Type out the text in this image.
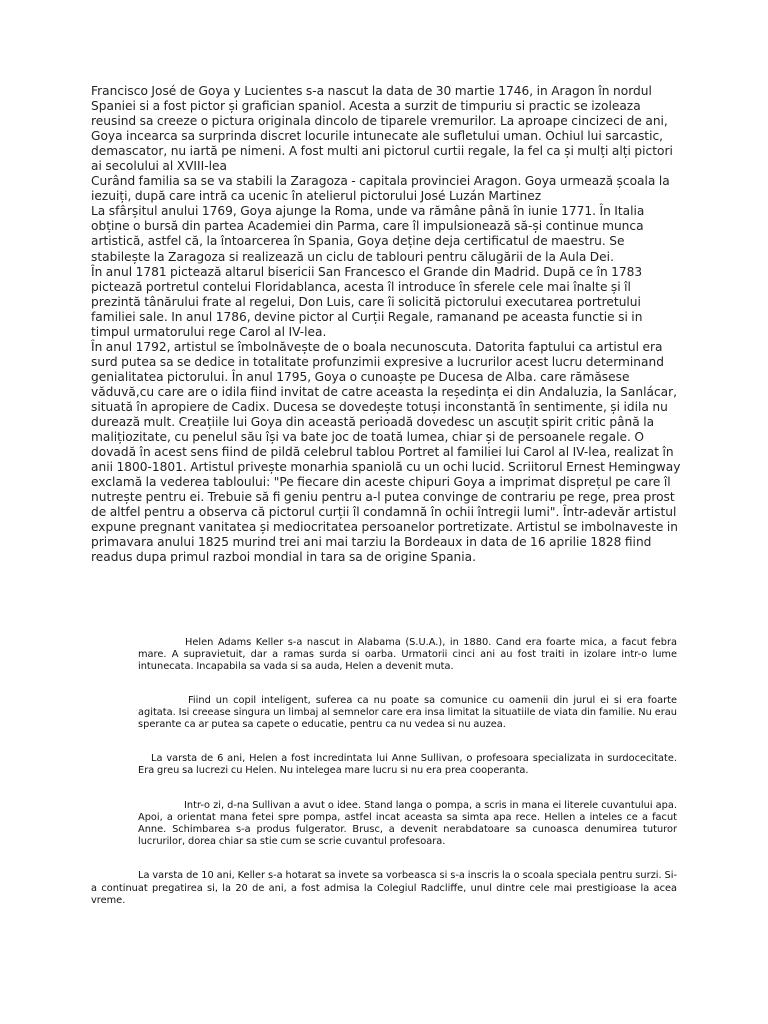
Francisco José de Goya y Lucientes s-a nascut la data de 30 martie 1746, in Aragon în nordul Spaniei si a fost pictor și grafician spaniol. Acesta a surzit de timpuriu si practic se izoleaza reusind sa creeze o pictura originala dincolo de tiparele vremurilor. La aproape cincizeci de ani, Goya incearca sa surprinda discret locurile intunecate ale sufletului uman. Ochiul lui sarcastic, demascator, nu iartă pe nimeni. A fost multi ani pictorul curtii regale, la fel ca și mulți alți pictori ai secolului al XVIII-lea

Curând familia sa se va stabili la Zaragoza - capitala provinciei Aragon. Goya urmează școala la iezuiți, după care intră ca ucenic în atelierul pictorului José Luzán Martinez

La sfârșitul anului 1769, Goya ajunge la Roma, unde va rămâne până în iunie 1771. În Italia obține o bursă din partea Academiei din Parma, care îl impulsionează să-și continue munca artistică, astfel că, la întoarcerea în Spania, Goya deține deja certificatul de maestru. Se stabilește la Zaragoza si realizează un ciclu de tablouri pentru călugării de la Aula Dei.

În anul 1781 pictează altarul bisericii San Francesco el Grande din Madrid. După ce în 1783 pictează portretul contelui Floridablanca, acesta îl introduce în sferele cele mai înalte și îl prezintă tânărului frate al regelui, Don Luis, care îi solicită pictorului executarea portretului familiei sale. In anul 1786, devine pictor al Curții Regale, ramanand pe aceasta functie si in timpul urmatorului rege Carol al IV-lea.

În anul 1792, artistul se îmbolnăvește de o boala necunoscuta. Datorita faptului ca artistul era surd putea sa se dedice in totalitate profunzimii expresive a lucrurilor acest lucru determinand genialitatea pictorului. În anul 1795, Goya o cunoaște pe Ducesa de Alba. care rămăsese văduvă,cu care are o idila fiind invitat de catre aceasta la reședința ei din Andaluzia, la Sanlácar, situată în apropiere de Cadix. Ducesa se dovedește totuși inconstantă în sentimente, și idila nu durează mult. Creațiile lui Goya din această perioadă dovedesc un ascuțit spirit critic până la malițiozitate, cu penelul său își va bate joc de toată lumea, chiar și de persoanele regale. O dovadă în acest sens fiind de pildă celebrul tablou Portret al familiei lui Carol al IV-lea, realizat în anii 1800-1801. Artistul privește monarhia spaniolă cu un ochi lucid. Scriitorul Ernest Hemingway exclamă la vederea tabloului: "Pe fiecare din aceste chipuri Goya a imprimat disprețul pe care îl nutrește pentru ei. Trebuie să fi geniu pentru a-l putea convinge de contrariu pe rege, prea prost de altfel pentru a observa că pictorul curții îl condamnă în ochii întregii lumi". Într-adevăr artistul expune pregnant vanitatea și mediocritatea persoanelor portretizate. Artistul se imbolnaveste in primavara anului 1825 murind trei ani mai tarziu la Bordeaux in data de 16 aprilie 1828 fiind readus dupa primul razboi mondial in tara sa de origine Spania.

Helen Adams Keller s-a nascut in Alabama (S.U.A.), in 1880. Cand era foarte mica, a facut febra mare. A supravietuit, dar a ramas surda si oarba. Urmatorii cinci ani au fost traiti in izolare intr-o lume intunecata. Incapabila sa vada si sa auda, Helen a devenit muta.

Fiind un copil inteligent, suferea ca nu poate sa comunice cu oamenii din jurul ei si era foarte agitata. Isi creease singura un limbaj al semnelor care era insa limitat la situatiile de viata din familie. Nu erau sperante ca ar putea sa capete o educatie, pentru ca nu vedea si nu auzea.

La varsta de 6 ani, Helen a fost incredintata lui Anne Sullivan, o profesoara specializata in surdocecitate. Era greu sa lucrezi cu Helen. Nu intelegea mare lucru si nu era prea cooperanta.

Intr-o zi, d-na Sullivan a avut o idee. Stand langa o pompa, a scris in mana ei literele cuvantului apa. Apoi, a orientat mana fetei spre pompa, astfel incat aceasta sa simta apa rece. Hellen a inteles ce a facut Anne. Schimbarea s-a produs fulgerator. Brusc, a devenit nerabdatoare sa cunoasca denumirea tuturor lucrurilor, dorea chiar sa stie cum se scrie cuvantul profesoara.

La varsta de 10 ani, Keller s-a hotarat sa invete sa vorbeasca si s-a inscris la o scoala speciala pentru surzi. Si-a continuat pregatirea si, la 20 de ani, a fost admisa la Colegiul Radcliffe, unul dintre cele mai prestigioase la acea vreme.
